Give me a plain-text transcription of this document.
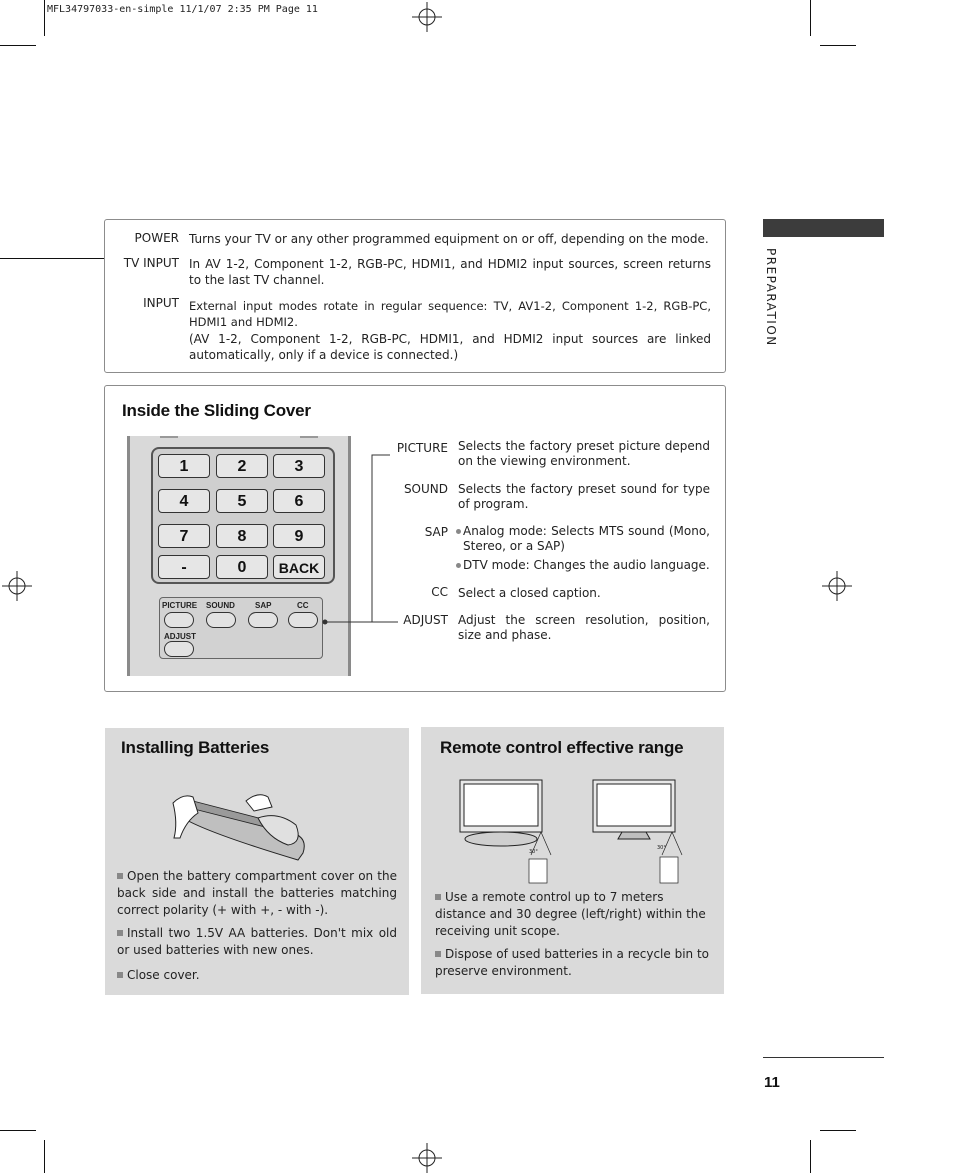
MFL34797033-en-simple 11/1/07 2:35 PM Page 11
PREPARATION
POWER Turns your TV or any other programmed equipment on or off, depending on the mode.
TV INPUT In AV 1-2, Component 1-2, RGB-PC, HDMI1, and HDMI2 input sources, screen returns to the last TV channel.
INPUT External input modes rotate in regular sequence: TV, AV1-2, Component 1-2, RGB-PC, HDMI1 and HDMI2.
(AV 1-2, Component 1-2, RGB-PC, HDMI1, and HDMI2 input sources are linked automatically, only if a device is connected.)
Inside the Sliding Cover
1	2	3
4	5	6
7	8	9
-	0	BACK
PICTURE SOUND	SAP	CC
ADJUST
PICTURE Selects the factory preset picture depend on the viewing environment.
SOUND Selects the factory preset sound for type of program.
SAP Analog mode: Selects MTS sound (Mono, Stereo, or a SAP)
DTV mode: Changes the audio language.
CC Select a closed caption.
ADJUST Adjust the screen resolution, position, size and phase.
Installing Batteries
Open the battery compartment cover on the back side and install the batteries matching correct polarity (+ with +, - with -).
Install two 1.5V AA batteries. Don't mix old or used batteries with new ones.
Close cover.
Remote control effective range
30°
30°
Use a remote control up to 7 meters distance and 30 degree (left/right) within the receiving unit scope.
Dispose of used batteries in a recycle bin to preserve environment.
11
